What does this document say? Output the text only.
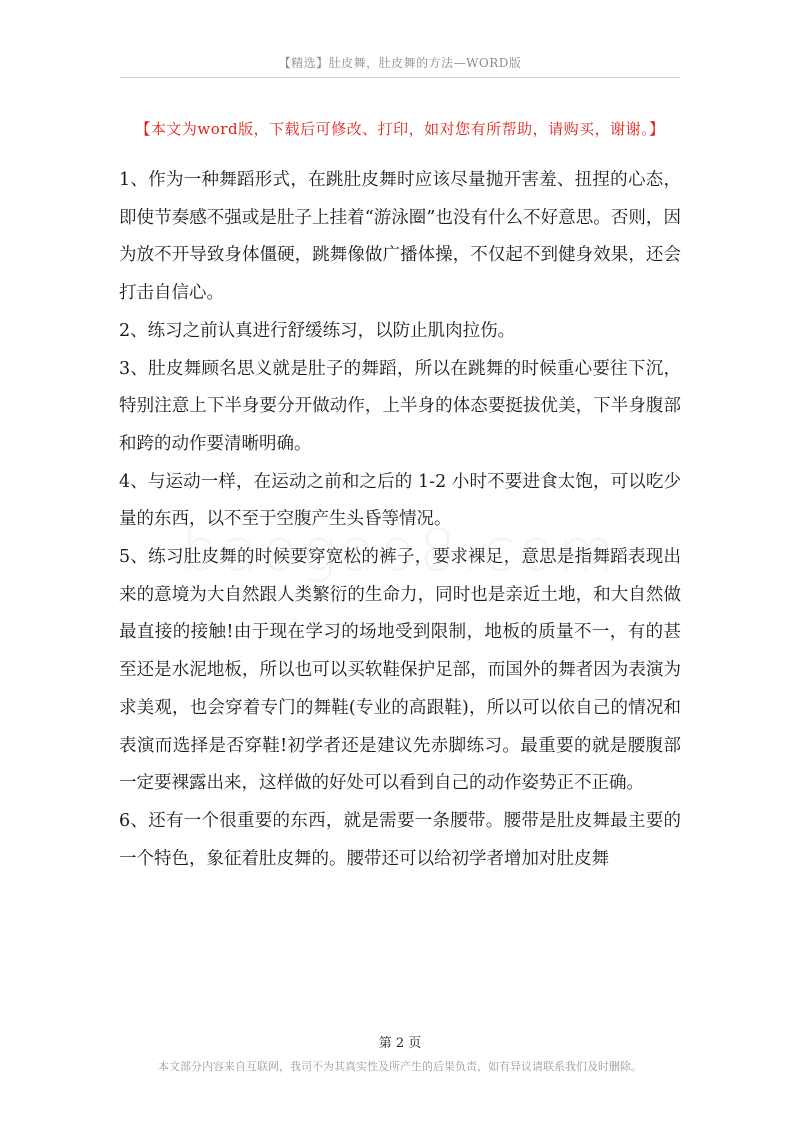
【精选】肚皮舞，肚皮舞的方法—WORD版
【本文为word版，下载后可修改、打印，如对您有所帮助，请购买，谢谢。】

1、作为一种舞蹈形式，在跳肚皮舞时应该尽量抛开害羞、扭捏的心态，即使节奏感不强或是肚子上挂着“游泳圈”也没有什么不好意思。否则，因为放不开导致身体僵硬，跳舞像做广播体操，不仅起不到健身效果，还会打击自信心。

2、练习之前认真进行舒缓练习，以防止肌肉拉伤。

3、肚皮舞顾名思义就是肚子的舞蹈，所以在跳舞的时候重心要往下沉，特别注意上下半身要分开做动作，上半身的体态要挺拔优美，下半身腹部和跨的动作要清晰明确。

4、与运动一样，在运动之前和之后的 1-2 小时不要进食太饱，可以吃少量的东西，以不至于空腹产生头昏等情况。

5、练习肚皮舞的时候要穿宽松的裤子，要求裸足，意思是指舞蹈表现出来的意境为大自然跟人类繁衍的生命力，同时也是亲近土地，和大自然做最直接的接触!由于现在学习的场地受到限制，地板的质量不一，有的甚至还是水泥地板，所以也可以买软鞋保护足部，而国外的舞者因为表演为求美观，也会穿着专门的舞鞋(专业的高跟鞋)，所以可以依自己的情况和表演而选择是否穿鞋!初学者还是建议先赤脚练习。最重要的就是腰腹部一定要裸露出来，这样做的好处可以看到自己的动作姿势正不正确。

6、还有一个很重要的东西，就是需要一条腰带。腰带是肚皮舞最主要的一个特色，象征着肚皮舞的。腰带还可以给初学者增加对肚皮舞

第 2 页
本文部分内容来自互联网，我司不为其真实性及所产生的后果负责，如有异议请联系我们及时删除。
